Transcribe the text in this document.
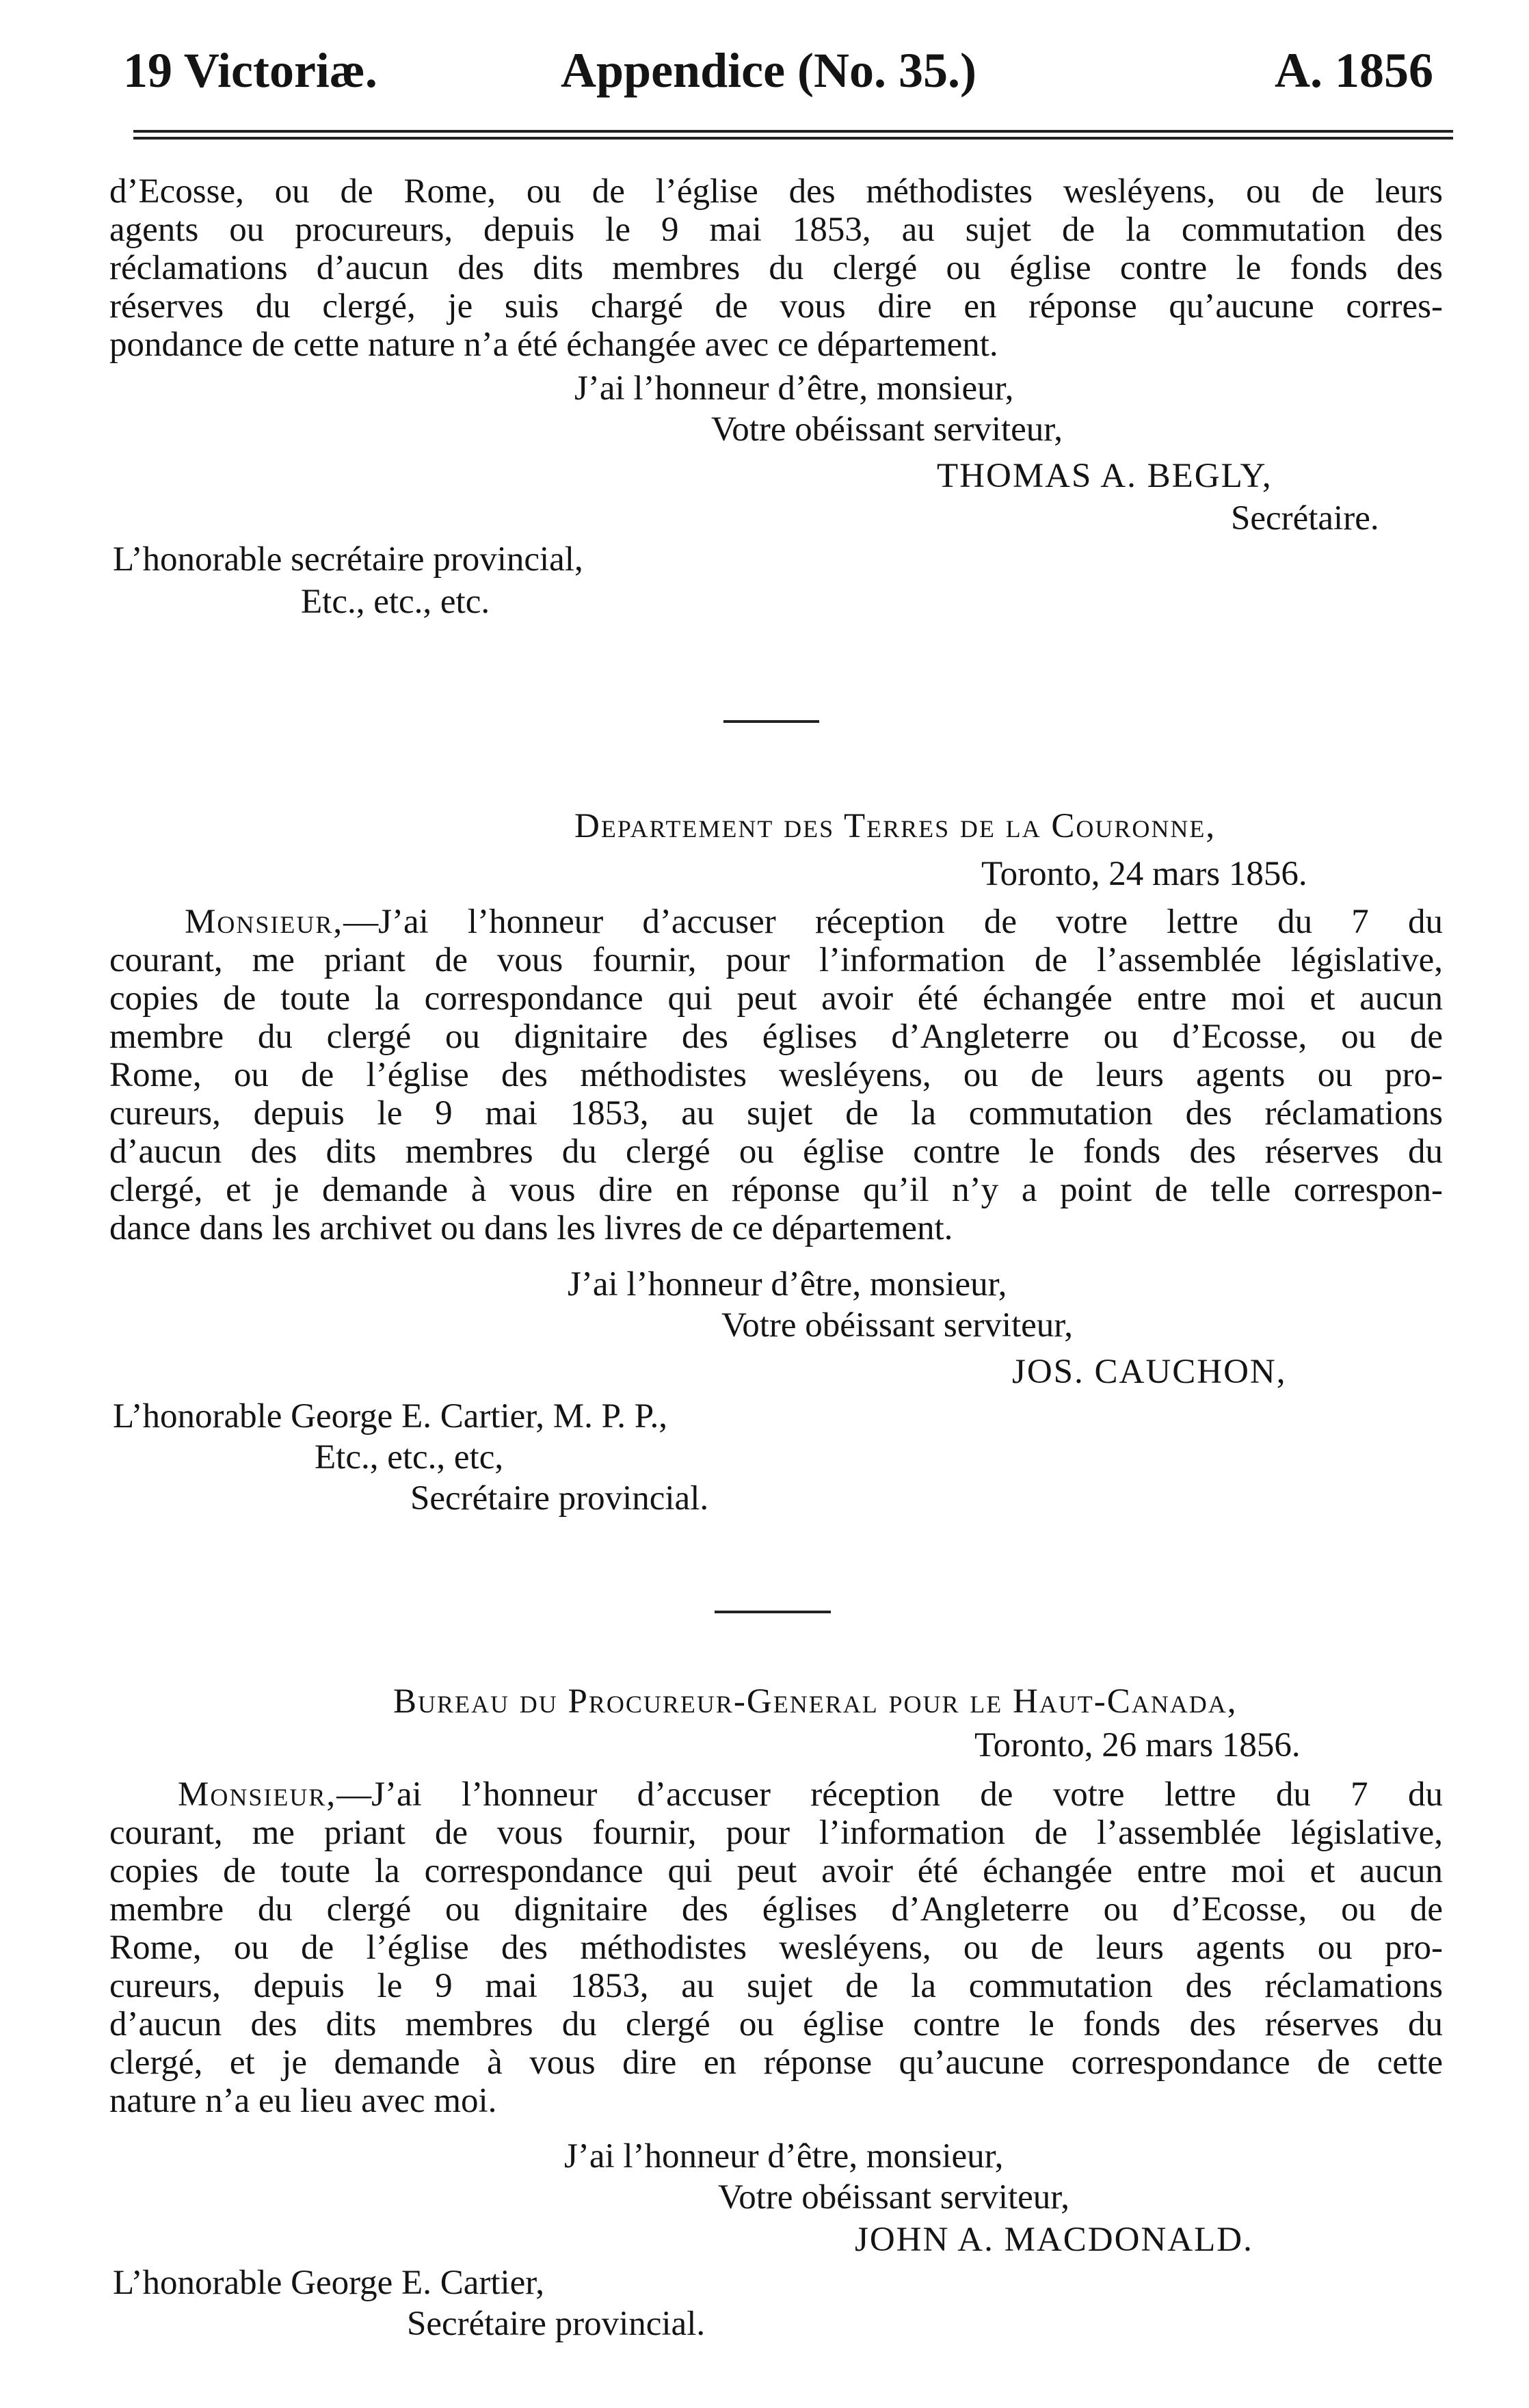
19 Victoriæ.	Appendice (No. 35.)	A. 1856
d’Ecosse, ou de Rome, ou de l’église des méthodistes wesléyens, ou de leurs
agents ou procureurs, depuis le 9 mai 1853, au sujet de la commutation des
réclamations d’aucun des dits membres du clergé ou église contre le fonds des
réserves du clergé, je suis chargé de vous dire en réponse qu’aucune corres-
pondance de cette nature n’a été échangée avec ce département.
J’ai l’honneur d’être, monsieur,
Votre obéissant serviteur,
THOMAS A. BEGLY,
Secrétaire.
L’honorable secrétaire provincial,
Etc., etc., etc.
Departement des Terres de la Couronne,
Toronto, 24 mars 1856.
Monsieur,—J’ai l’honneur d’accuser réception de votre lettre du 7 du
courant, me priant de vous fournir, pour l’information de l’assemblée législative,
copies de toute la correspondance qui peut avoir été échangée entre moi et aucun
membre du clergé ou dignitaire des églises d’Angleterre ou d’Ecosse, ou de
Rome, ou de l’église des méthodistes wesléyens, ou de leurs agents ou pro-
cureurs, depuis le 9 mai 1853, au sujet de la commutation des réclamations
d’aucun des dits membres du clergé ou église contre le fonds des réserves du
clergé, et je demande à vous dire en réponse qu’il n’y a point de telle correspon-
dance dans les archivet ou dans les livres de ce département.
J’ai l’honneur d’être, monsieur,
Votre obéissant serviteur,
JOS. CAUCHON,
L’honorable George E. Cartier, M. P. P.,
Etc., etc., etc,
Secrétaire provincial.
Bureau du Procureur-General pour le Haut-Canada,
Toronto, 26 mars 1856.
Monsieur,—J’ai l’honneur d’accuser réception de votre lettre du 7 du
courant, me priant de vous fournir, pour l’information de l’assemblée législative,
copies de toute la correspondance qui peut avoir été échangée entre moi et aucun
membre du clergé ou dignitaire des églises d’Angleterre ou d’Ecosse, ou de
Rome, ou de l’église des méthodistes wesléyens, ou de leurs agents ou pro-
cureurs, depuis le 9 mai 1853, au sujet de la commutation des réclamations
d’aucun des dits membres du clergé ou église contre le fonds des réserves du
clergé, et je demande à vous dire en réponse qu’aucune correspondance de cette
nature n’a eu lieu avec moi.
J’ai l’honneur d’être, monsieur,
Votre obéissant serviteur,
JOHN A. MACDONALD.
L’honorable George E. Cartier,
Secrétaire provincial.
